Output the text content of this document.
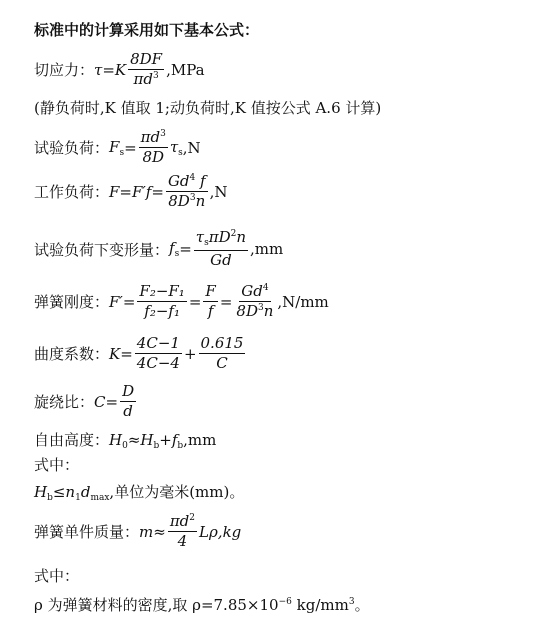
标准中的计算采用如下基本公式：
切应力： $\tau=K \frac{8DF}{\pi d^3} ,MPa$
(静负荷时,K 值取 1;动负荷时,K 值按公式 A.6 计算)
试验负荷： $F_s = \frac{\pi d^3}{8D} \tau_s$ ,N
工作负荷： $F=F'f= \frac{Gd^4 f}{8D^3n} ,N$
试验负荷下变形量： $f_s = \frac{\tau_s\pi D^2n}{Gd} ,mm$
弹簧刚度： $F'= \frac{\text{F₂−F₁}}{\text{f₂−f₁}} = \frac{F}{f} = \frac{Gd^4}{8D^3n} ,N/mm$
曲度系数： $K= \frac{4C-1}{4C-4} + \frac{0.615}{C}$
旋绕比： $C= \frac{D}{d}$
自由高度：$H_0\approx H_b+f_b,mm$
式中：
$H_b\le n_1d_{max}$,单位为毫米(mm)。
弹簧单件质量： $m\approx \frac{\pi d^2}{4} L\rho,kg$
式中：
ρ 为弹簧材料的密度,取 $\rho=7.85\times 10^{-6}$ $kg/mm^3$。
